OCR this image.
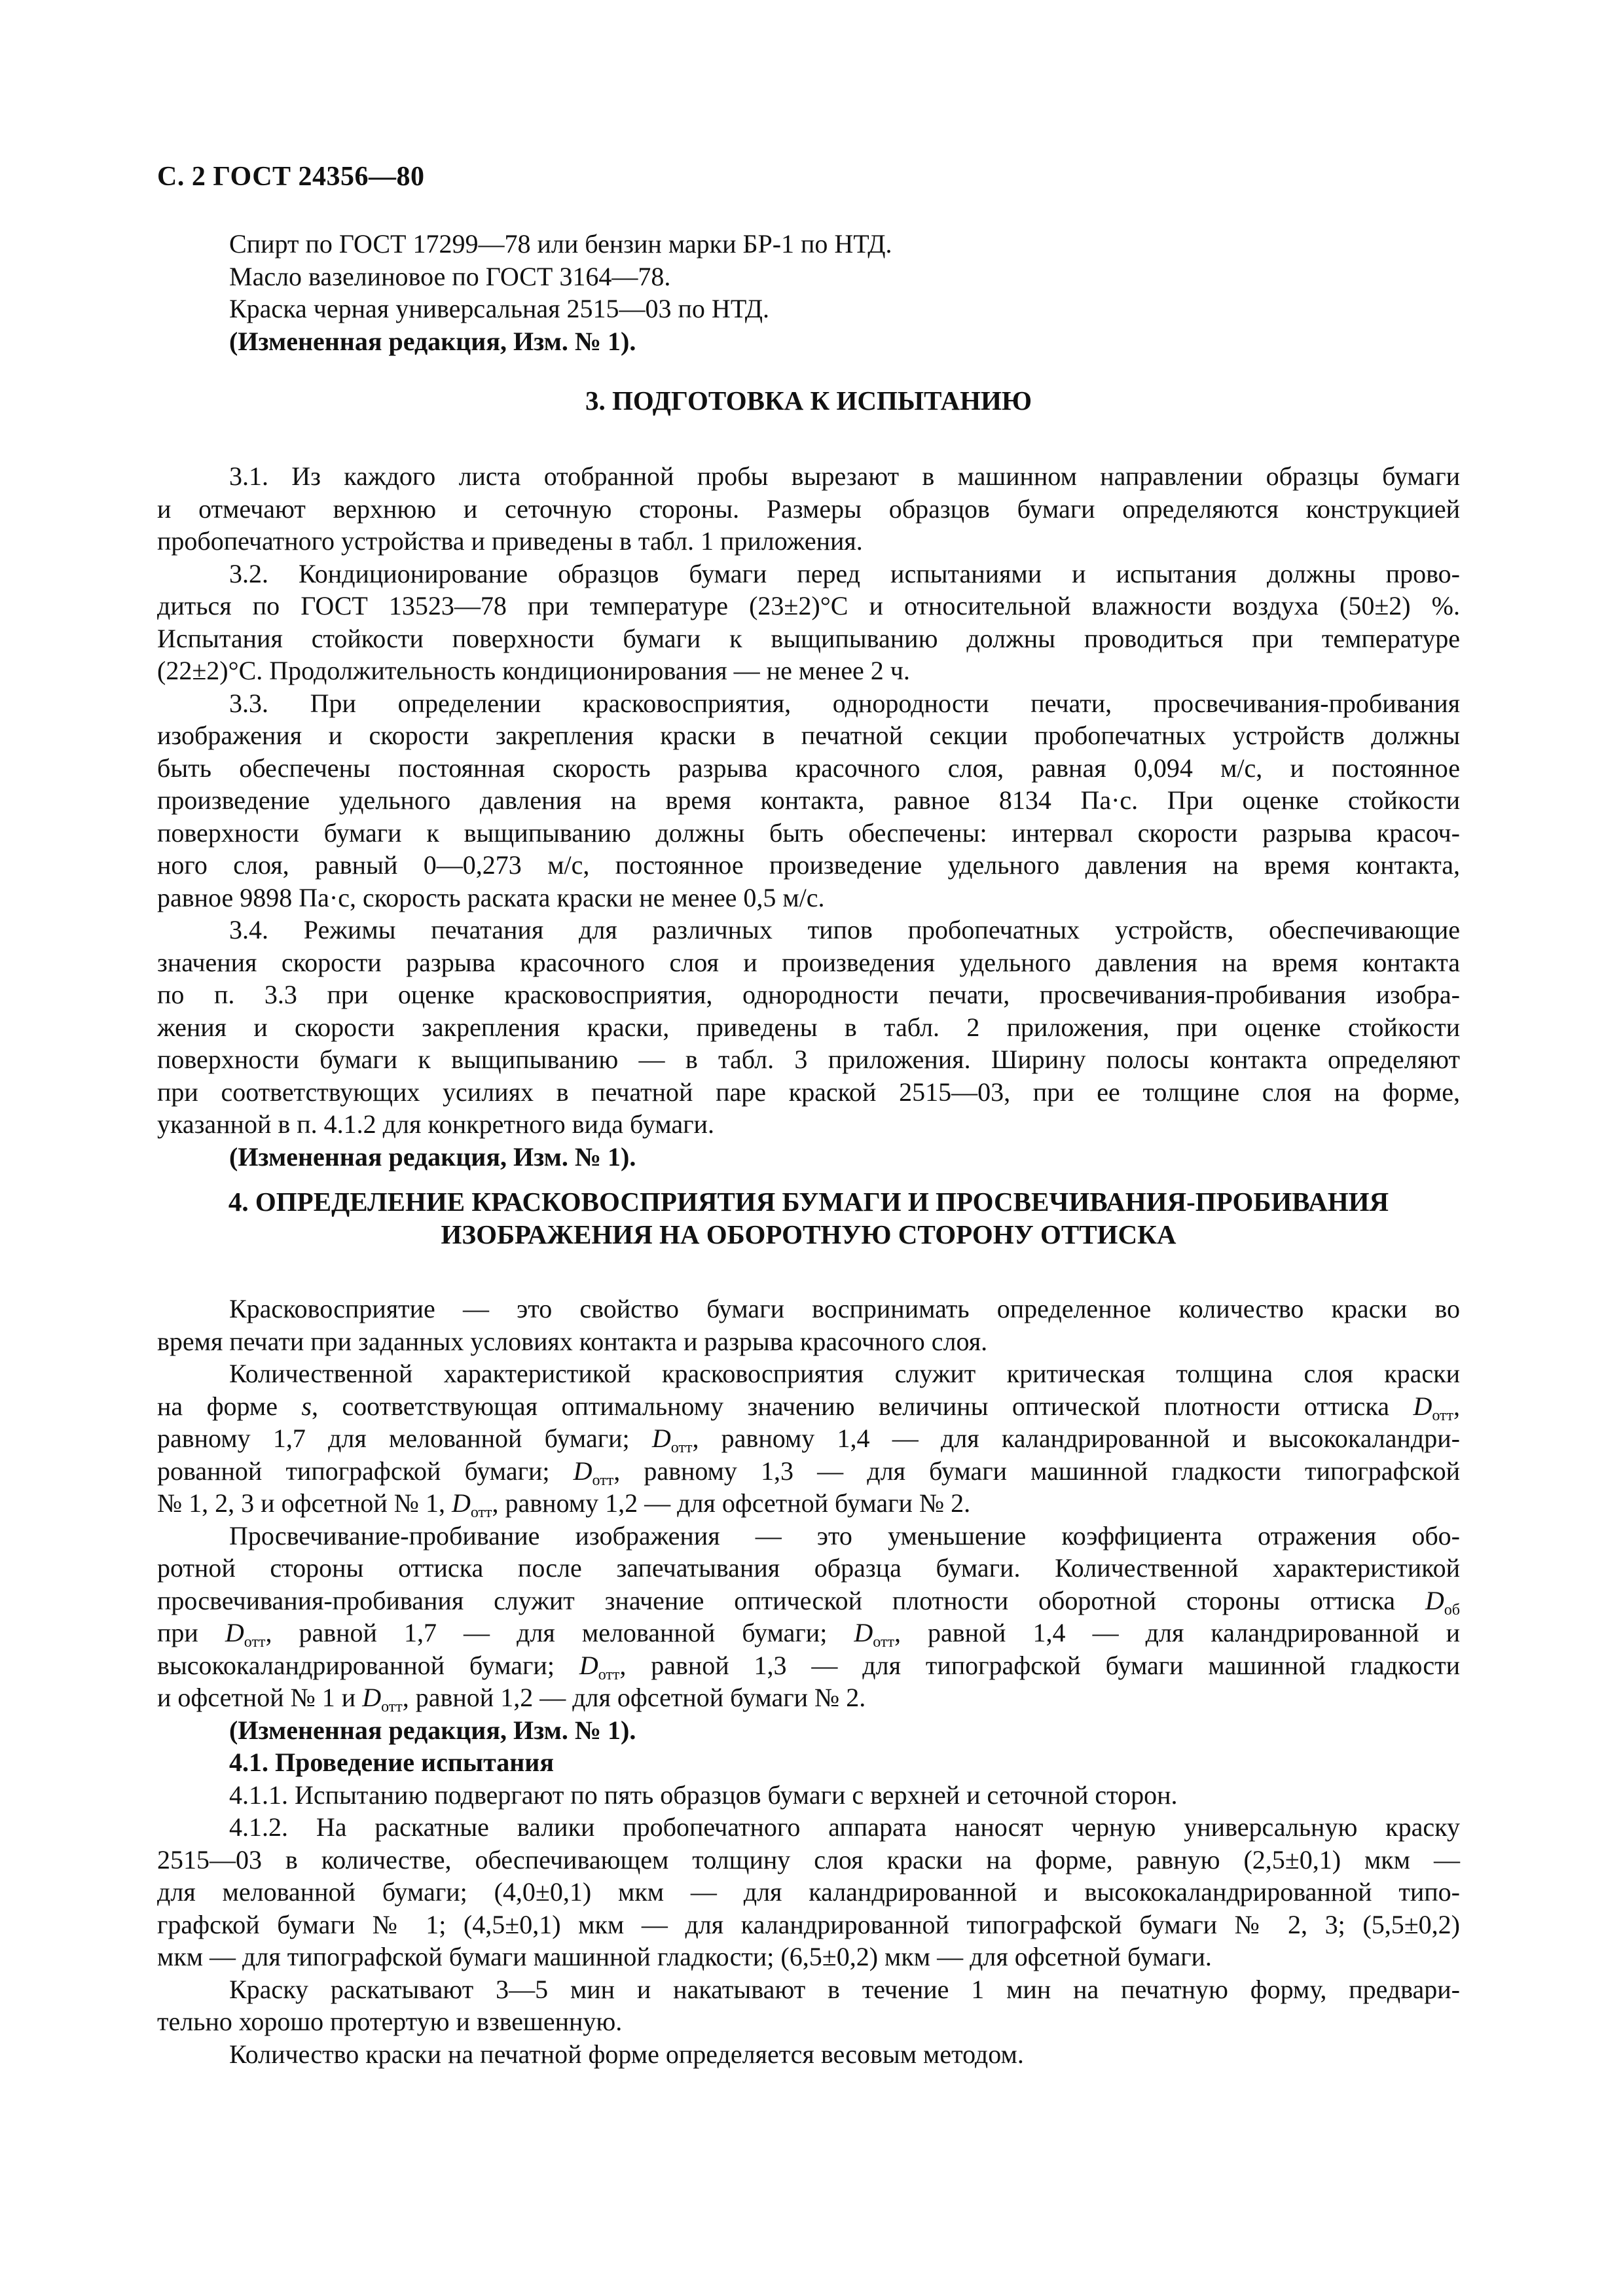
С. 2 ГОСТ 24356—80
Спирт по ГОСТ 17299—78 или бензин марки БР-1 по НТД.
Масло вазелиновое по ГОСТ 3164—78.
Краска черная универсальная 2515—03 по НТД.
(Измененная редакция, Изм. № 1).
3. ПОДГОТОВКА К ИСПЫТАНИЮ
3.1. Из каждого листа отобранной пробы вырезают в машинном направлении образцы бумаги
и отмечают верхнюю и сеточную стороны. Размеры образцов бумаги определяются конструкцией
пробопечатного устройства и приведены в табл. 1 приложения.
3.2. Кондиционирование образцов бумаги перед испытаниями и испытания должны прово-
диться по ГОСТ 13523—78 при температуре (23±2)°С и относительной влажности воздуха (50±2) %.
Испытания стойкости поверхности бумаги к выщипыванию должны проводиться при температуре
(22±2)°С. Продолжительность кондиционирования — не менее 2 ч.
3.3. При определении красковосприятия, однородности печати, просвечивания-пробивания
изображения и скорости закрепления краски в печатной секции пробопечатных устройств должны
быть обеспечены постоянная скорость разрыва красочного слоя, равная 0,094 м/с, и постоянное
произведение удельного давления на время контакта, равное 8134 Па·с. При оценке стойкости
поверхности бумаги к выщипыванию должны быть обеспечены: интервал скорости разрыва красоч-
ного слоя, равный 0—0,273 м/с, постоянное произведение удельного давления на время контакта,
равное 9898 Па·с, скорость раската краски не менее 0,5 м/с.
3.4. Режимы печатания для различных типов пробопечатных устройств, обеспечивающие
значения скорости разрыва красочного слоя и произведения удельного давления на время контакта
по п. 3.3 при оценке красковосприятия, однородности печати, просвечивания-пробивания изобра-
жения и скорости закрепления краски, приведены в табл. 2 приложения, при оценке стойкости
поверхности бумаги к выщипыванию — в табл. 3 приложения. Ширину полосы контакта определяют
при соответствующих усилиях в печатной паре краской 2515—03, при ее толщине слоя на форме,
указанной в п. 4.1.2 для конкретного вида бумаги.
(Измененная редакция, Изм. № 1).
4. ОПРЕДЕЛЕНИЕ КРАСКОВОСПРИЯТИЯ БУМАГИ И ПРОСВЕЧИВАНИЯ-ПРОБИВАНИЯ
ИЗОБРАЖЕНИЯ НА ОБОРОТНУЮ СТОРОНУ ОТТИСКА
Красковосприятие — это свойство бумаги воспринимать определенное количество краски во
время печати при заданных условиях контакта и разрыва красочного слоя.
Количественной характеристикой красковосприятия служит критическая толщина слоя краски
на форме s, соответствующая оптимальному значению величины оптической плотности оттиска $D_{отт}$,
равному 1,7 для мелованной бумаги; $D_{отт}$, равному 1,4 — для каландрированной и высококаландри-
рованной типографской бумаги; $D_{отт}$, равному 1,3 — для бумаги машинной гладкости типографской
№ 1, 2, 3 и офсетной № 1, $D_{отт}$, равному 1,2 — для офсетной бумаги № 2.
Просвечивание-пробивание изображения — это уменьшение коэффициента отражения обо-
ротной стороны оттиска после запечатывания образца бумаги. Количественной характеристикой
просвечивания-пробивания служит значение оптической плотности оборотной стороны оттиска $D_{об}$
при $D_{отт}$, равной 1,7 — для мелованной бумаги; $D_{отт}$, равной 1,4 — для каландрированной и
высококаландрированной бумаги; $D_{отт}$, равной 1,3 — для типографской бумаги машинной гладкости
и офсетной № 1 и $D_{отт}$, равной 1,2 — для офсетной бумаги № 2.
(Измененная редакция, Изм. № 1).
4.1. Проведение испытания
4.1.1. Испытанию подвергают по пять образцов бумаги с верхней и сеточной сторон.
4.1.2. На раскатные валики пробопечатного аппарата наносят черную универсальную краску
2515—03 в количестве, обеспечивающем толщину слоя краски на форме, равную (2,5±0,1) мкм —
для мелованной бумаги; (4,0±0,1) мкм — для каландрированной и высококаландрированной типо-
графской бумаги № 1; (4,5±0,1) мкм — для каландрированной типографской бумаги № 2, 3; (5,5±0,2)
мкм — для типографской бумаги машинной гладкости; (6,5±0,2) мкм — для офсетной бумаги.
Краску раскатывают 3—5 мин и накатывают в течение 1 мин на печатную форму, предвари-
тельно хорошо протертую и взвешенную.
Количество краски на печатной форме определяется весовым методом.
